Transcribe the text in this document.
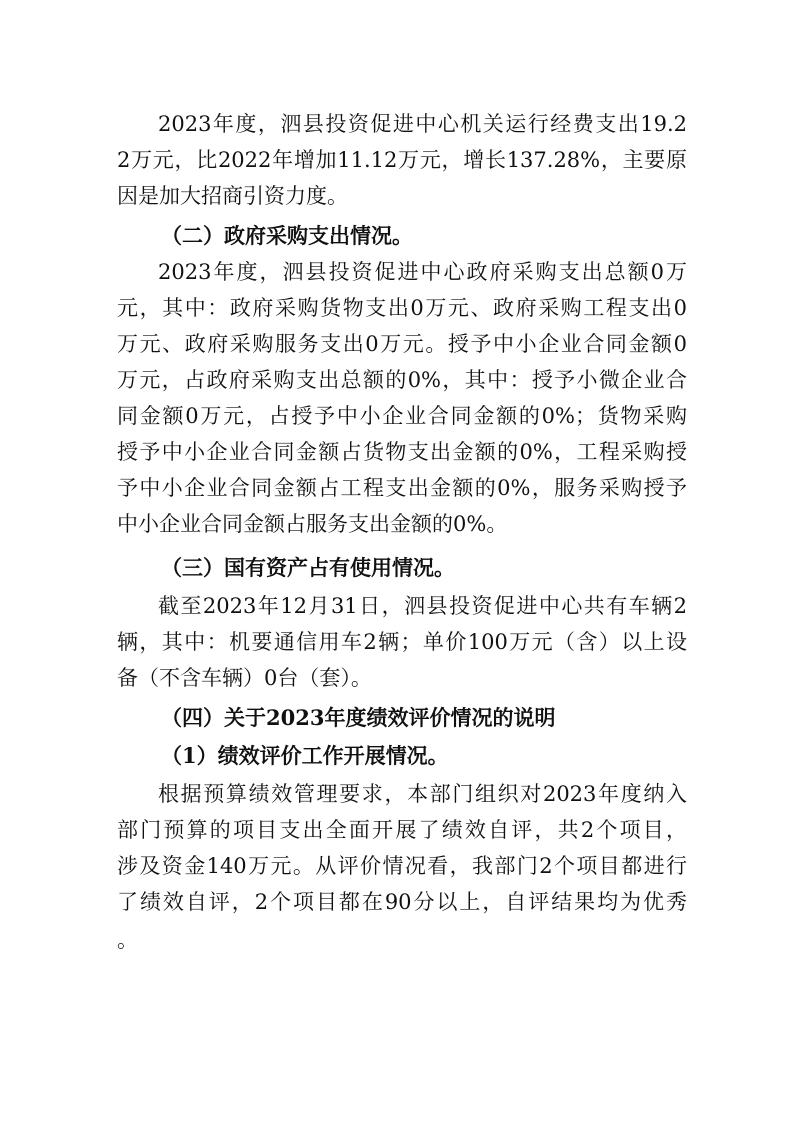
2023年度，泗县投资促进中心机关运行经费支出19.2
2万元，比2022年增加11.12万元，增长137.28%，主要原
因是加大招商引资力度。
（二）政府采购支出情况。
2023年度，泗县投资促进中心政府采购支出总额0万
元，其中：政府采购货物支出0万元、政府采购工程支出0
万元、政府采购服务支出0万元。授予中小企业合同金额0
万元，占政府采购支出总额的0%，其中：授予小微企业合
同金额0万元，占授予中小企业合同金额的0%；货物采购
授予中小企业合同金额占货物支出金额的0%，工程采购授
予中小企业合同金额占工程支出金额的0%，服务采购授予
中小企业合同金额占服务支出金额的0%。
（三）国有资产占有使用情况。
截至2023年12月31日，泗县投资促进中心共有车辆2
辆，其中：机要通信用车2辆；单价100万元（含）以上设
备（不含车辆）0台（套）。
（四）关于2023年度绩效评价情况的说明
（1）绩效评价工作开展情况。
根据预算绩效管理要求，本部门组织对2023年度纳入
部门预算的项目支出全面开展了绩效自评，共2个项目，
涉及资金140万元。从评价情况看，我部门2个项目都进行
了绩效自评，2个项目都在90分以上，自评结果均为优秀
。
